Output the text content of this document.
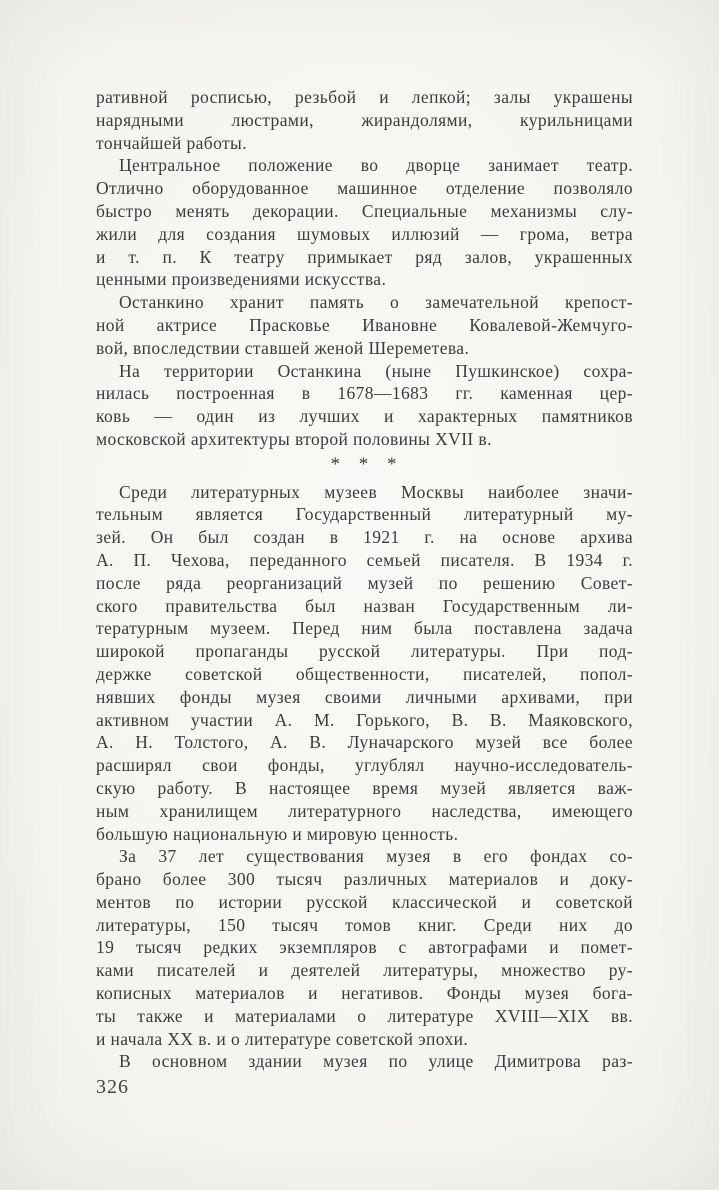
ративной росписью, резьбой и лепкой; залы украшены
нарядными люстрами, жирандолями, курильницами
тончайшей работы.
Центральное положение во дворце занимает театр.
Отлично оборудованное машинное отделение позволяло
быстро менять декорации. Специальные механизмы слу-
жили для создания шумовых иллюзий — грома, ветра
и т. п. К театру примыкает ряд залов, украшенных
ценными произведениями искусства.
Останкино хранит память о замечательной крепост-
ной актрисе Прасковье Ивановне Ковалевой-Жемчуго-
вой, впоследствии ставшей женой Шереметева.
На территории Останкина (ныне Пушкинское) сохра-
нилась построенная в 1678—1683 гг. каменная цер-
ковь — один из лучших и характерных памятников
московской архитектуры второй половины XVII в.
* * *
Среди литературных музеев Москвы наиболее значи-
тельным является Государственный литературный му-
зей. Он был создан в 1921 г. на основе архива
А. П. Чехова, переданного семьей писателя. В 1934 г.
после ряда реорганизаций музей по решению Совет-
ского правительства был назван Государственным ли-
тературным музеем. Перед ним была поставлена задача
широкой пропаганды русской литературы. При под-
держке советской общественности, писателей, попол-
нявших фонды музея своими личными архивами, при
активном участии А. М. Горького, В. В. Маяковского,
А. Н. Толстого, А. В. Луначарского музей все более
расширял свои фонды, углублял научно-исследователь-
скую работу. В настоящее время музей является важ-
ным хранилищем литературного наследства, имеющего
большую национальную и мировую ценность.
За 37 лет существования музея в его фондах со-
брано более 300 тысяч различных материалов и доку-
ментов по истории русской классической и советской
литературы, 150 тысяч томов книг. Среди них до
19 тысяч редких экземпляров с автографами и помет-
ками писателей и деятелей литературы, множество ру-
кописных материалов и негативов. Фонды музея бога-
ты также и материалами о литературе XVIII—XIX вв.
и начала XX в. и о литературе советской эпохи.
В основном здании музея по улице Димитрова раз-
326
